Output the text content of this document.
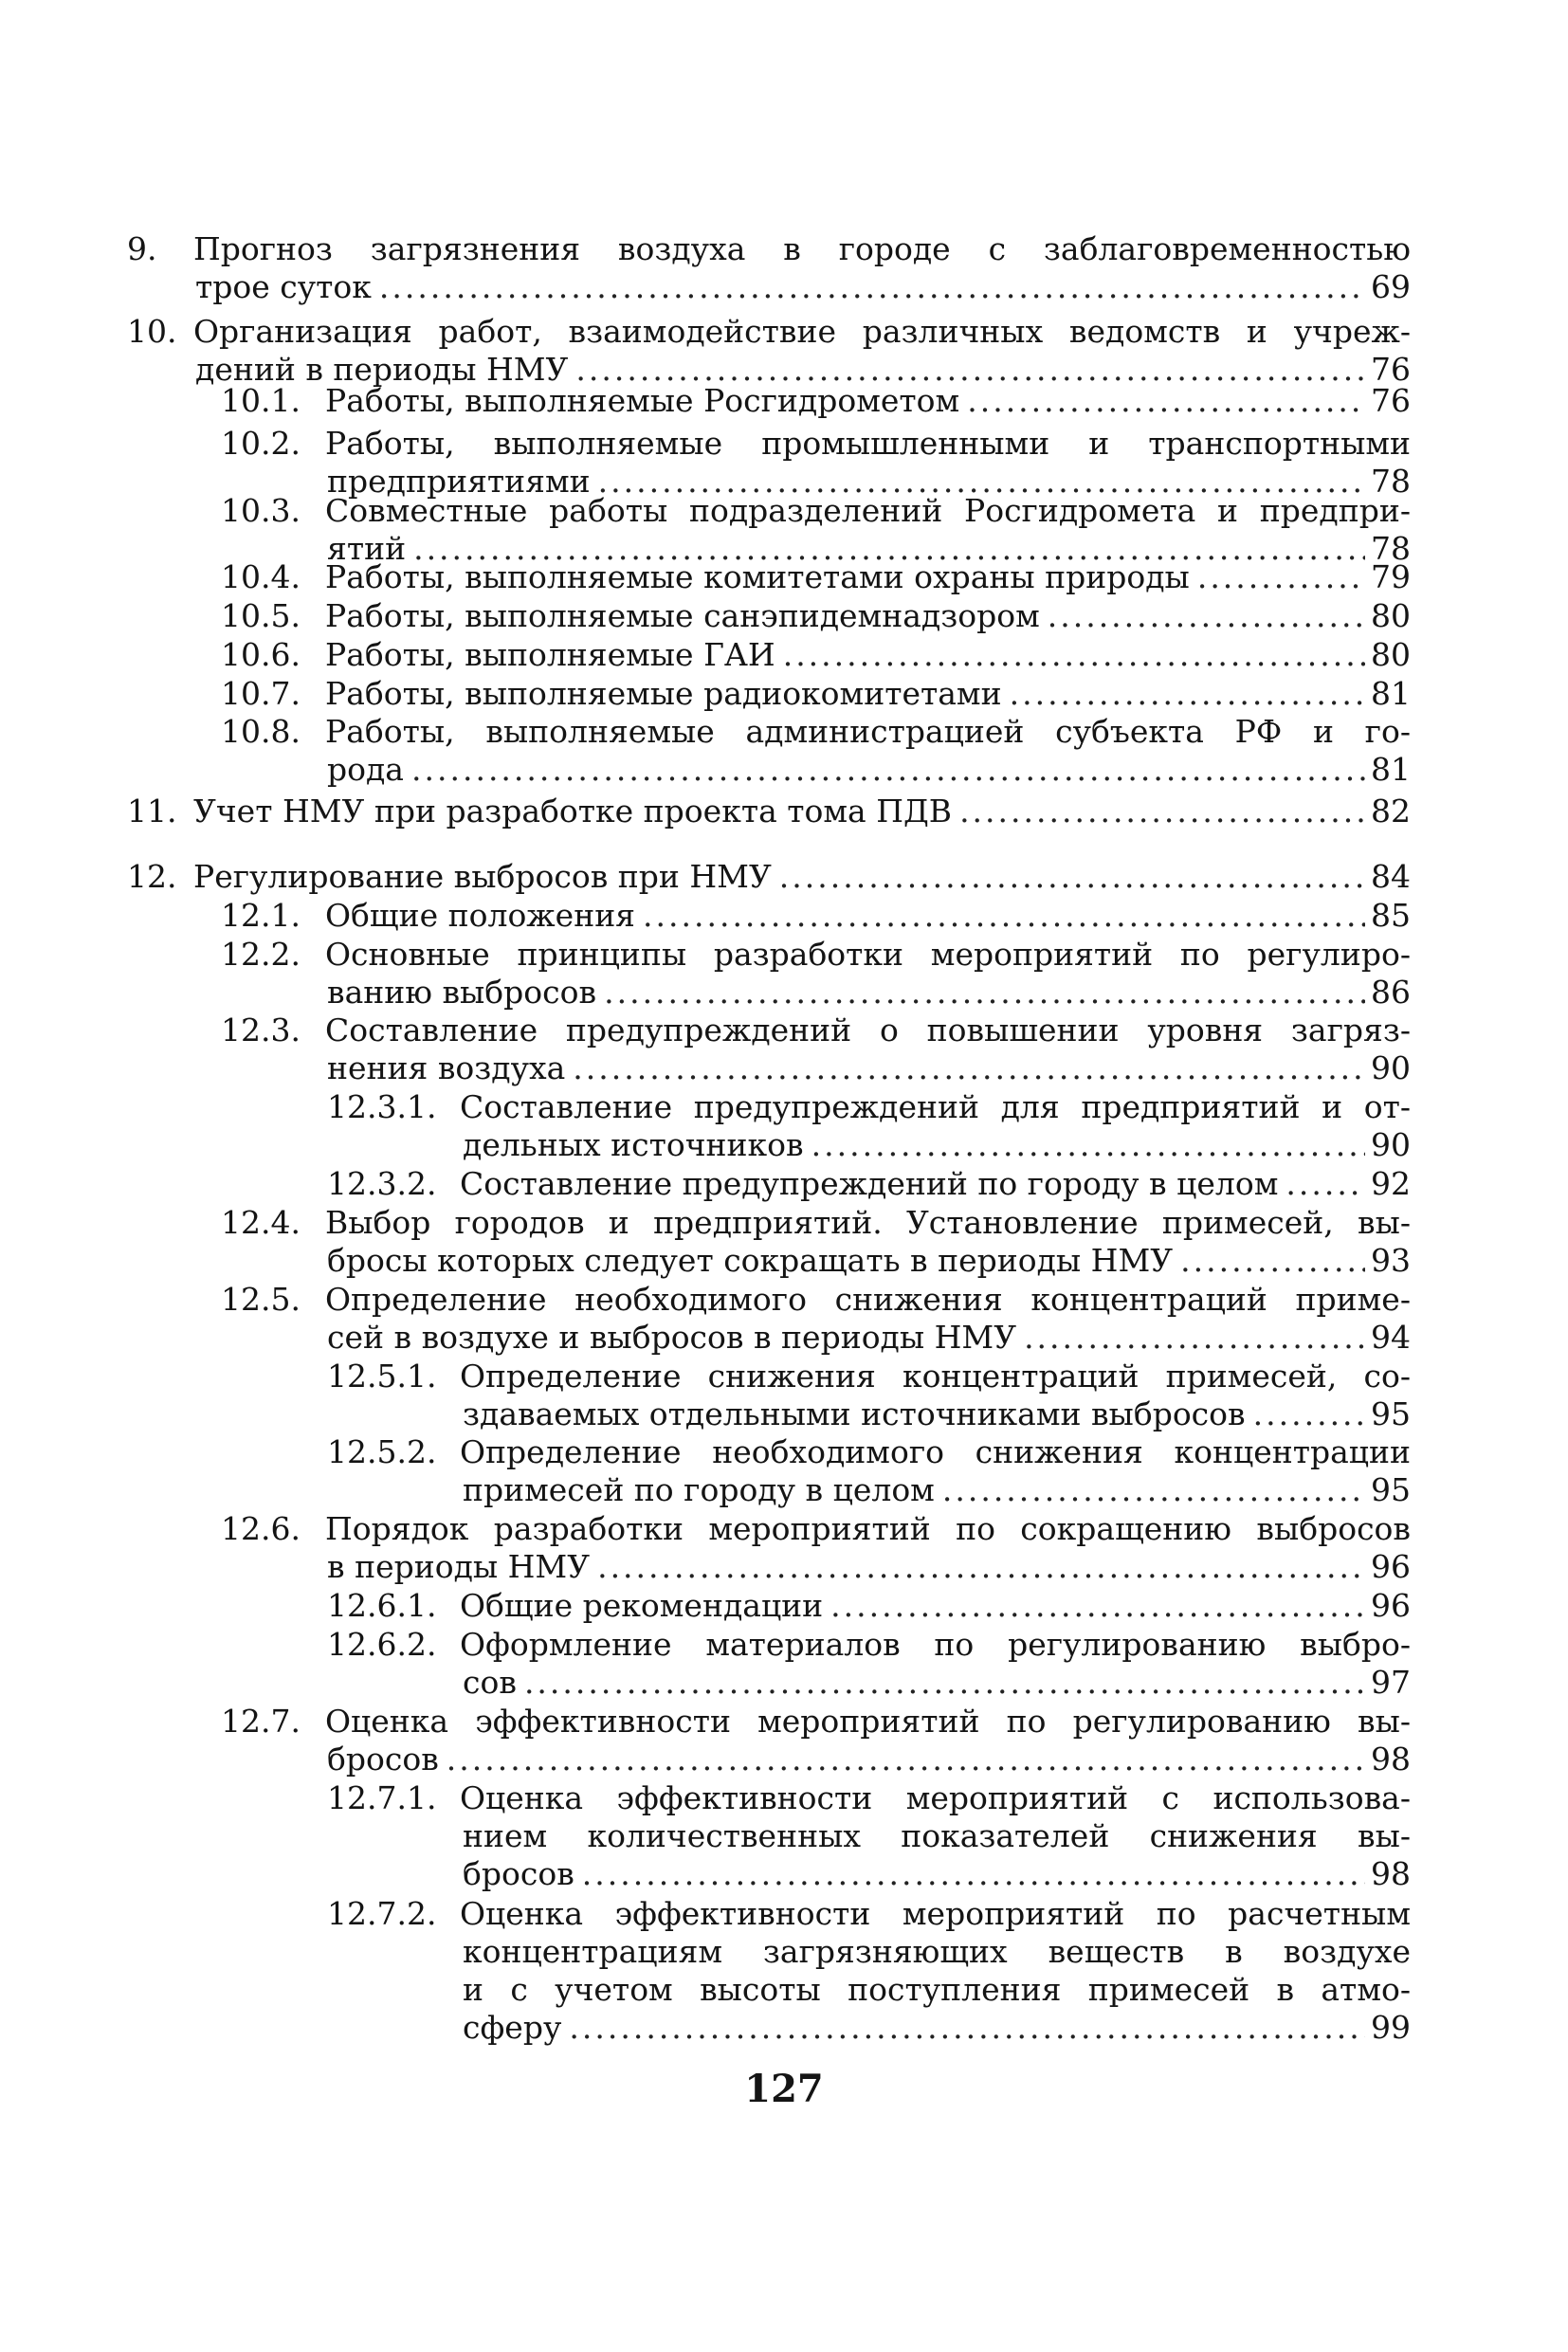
9.	Прогноз загрязнения воздуха в городе с заблаговременностью
трое суток .....	69
10. Организация работ, взаимодействие различных ведомств и учреж-
дений в периоды НМУ .....	76
10.1. Работы, выполняемые Росгидрометом .....	76
10.2. Работы, выполняемые промышленными и транспортными
предприятиями .....	78
10.3. Совместные работы подразделений Росгидромета и предпри-
ятий .....	78
10.4. Работы, выполняемые комитетами охраны природы .....	79
10.5. Работы, выполняемые санэпидемнадзором .....	80
10.6. Работы, выполняемые ГАИ .....	80
10.7. Работы, выполняемые радиокомитетами .....	81
10.8. Работы, выполняемые администрацией субъекта РФ и го-
рода .....	81
11. Учет НМУ при разработке проекта тома ПДВ .....	82
12. Регулирование выбросов при НМУ .....	84
12.1. Общие положения .....	85
12.2. Основные принципы разработки мероприятий по регулиро-
ванию выбросов .....	86
12.3. Составление предупреждений о повышении уровня загряз-
нения воздуха .....	90
12.3.1. Составление предупреждений для предприятий и от-
дельных источников .....	90
12.3.2. Составление предупреждений по городу в целом .....	92
12.4. Выбор городов и предприятий. Установление примесей, вы-
бросы которых следует сокращать в периоды НМУ .....	93
12.5. Определение необходимого снижения концентраций приме-
сей в воздухе и выбросов в периоды НМУ .....	94
12.5.1. Определение снижения концентраций примесей, со-
здаваемых отдельными источниками выбросов .....	95
12.5.2. Определение необходимого снижения концентрации
примесей по городу в целом .....	95
12.6. Порядок разработки мероприятий по сокращению выбросов
в периоды НМУ .....	96
12.6.1. Общие рекомендации .....	96
12.6.2. Оформление материалов по регулированию выбро-
сов .....	97
12.7. Оценка эффективности мероприятий по регулированию вы-
бросов .....	98
12.7.1. Оценка эффективности мероприятий с использова-
нием количественных показателей снижения вы-
бросов .....	98
12.7.2. Оценка эффективности мероприятий по расчетным
концентрациям загрязняющих веществ в воздухе
и с учетом высоты поступления примесей в атмо-
сферу .....	99
127
